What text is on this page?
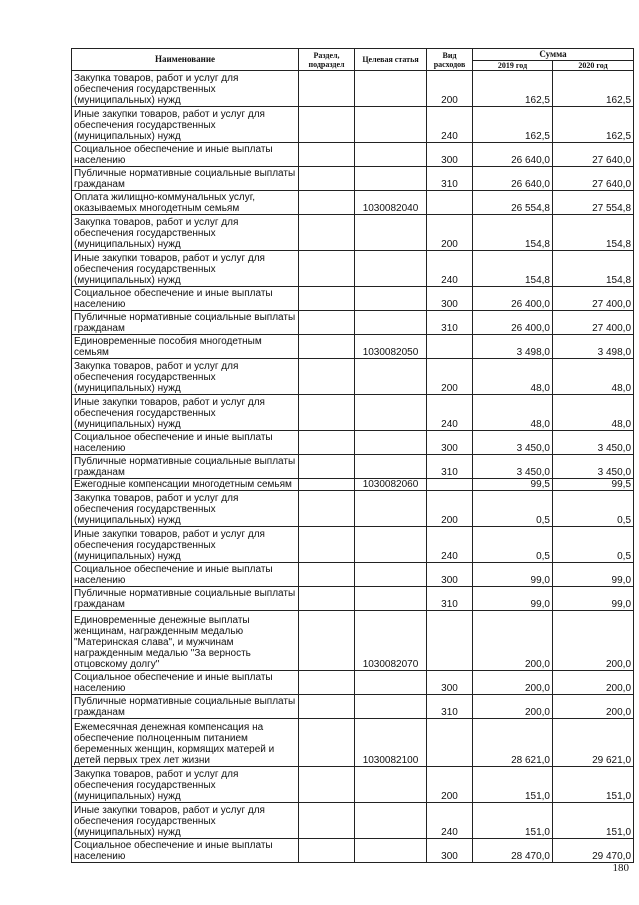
Наименование	Раздел, подраздел	Целевая статья	Вид расходов	Сумма	
				2019 год	2020 год
Закупка товаров, работ и услуг для обеспечения государственных (муниципальных) нужд			200	162,5	162,5
Иные закупки товаров, работ и услуг для обеспечения государственных (муниципальных) нужд			240	162,5	162,5
Социальное обеспечение и иные выплаты населению			300	26 640,0	27 640,0
Публичные нормативные социальные выплаты гражданам			310	26 640,0	27 640,0
Оплата жилищно-коммунальных услуг, оказываемых многодетным семьям		1030082040		26 554,8	27 554,8
Закупка товаров, работ и услуг для обеспечения государственных (муниципальных) нужд			200	154,8	154,8
Иные закупки товаров, работ и услуг для обеспечения государственных (муниципальных) нужд			240	154,8	154,8
Социальное обеспечение и иные выплаты населению			300	26 400,0	27 400,0
Публичные нормативные социальные выплаты гражданам			310	26 400,0	27 400,0
Единовременные пособия многодетным семьям		1030082050		3 498,0	3 498,0
Закупка товаров, работ и услуг для обеспечения государственных (муниципальных) нужд			200	48,0	48,0
Иные закупки товаров, работ и услуг для обеспечения государственных (муниципальных) нужд			240	48,0	48,0
Социальное обеспечение и иные выплаты населению			300	3 450,0	3 450,0
Публичные нормативные социальные выплаты гражданам			310	3 450,0	3 450,0
Ежегодные компенсации многодетным семьям		1030082060		99,5	99,5
Закупка товаров, работ и услуг для обеспечения государственных (муниципальных) нужд			200	0,5	0,5
Иные закупки товаров, работ и услуг для обеспечения государственных (муниципальных) нужд			240	0,5	0,5
Социальное обеспечение и иные выплаты населению			300	99,0	99,0
Публичные нормативные социальные выплаты гражданам			310	99,0	99,0
Единовременные денежные выплаты женщинам, награжденным медалью "Материнская слава", и мужчинам награжденным медалью "За верность отцовскому долгу"		1030082070		200,0	200,0
Социальное обеспечение и иные выплаты населению			300	200,0	200,0
Публичные нормативные социальные выплаты гражданам			310	200,0	200,0
Ежемесячная денежная компенсация на обеспечение полноценным питанием беременных женщин, кормящих матерей и детей первых трех лет жизни		1030082100		28 621,0	29 621,0
Закупка товаров, работ и услуг для обеспечения государственных (муниципальных) нужд			200	151,0	151,0
Иные закупки товаров, работ и услуг для обеспечения государственных (муниципальных) нужд			240	151,0	151,0
Социальное обеспечение и иные выплаты населению			300	28 470,0	29 470,0
180
